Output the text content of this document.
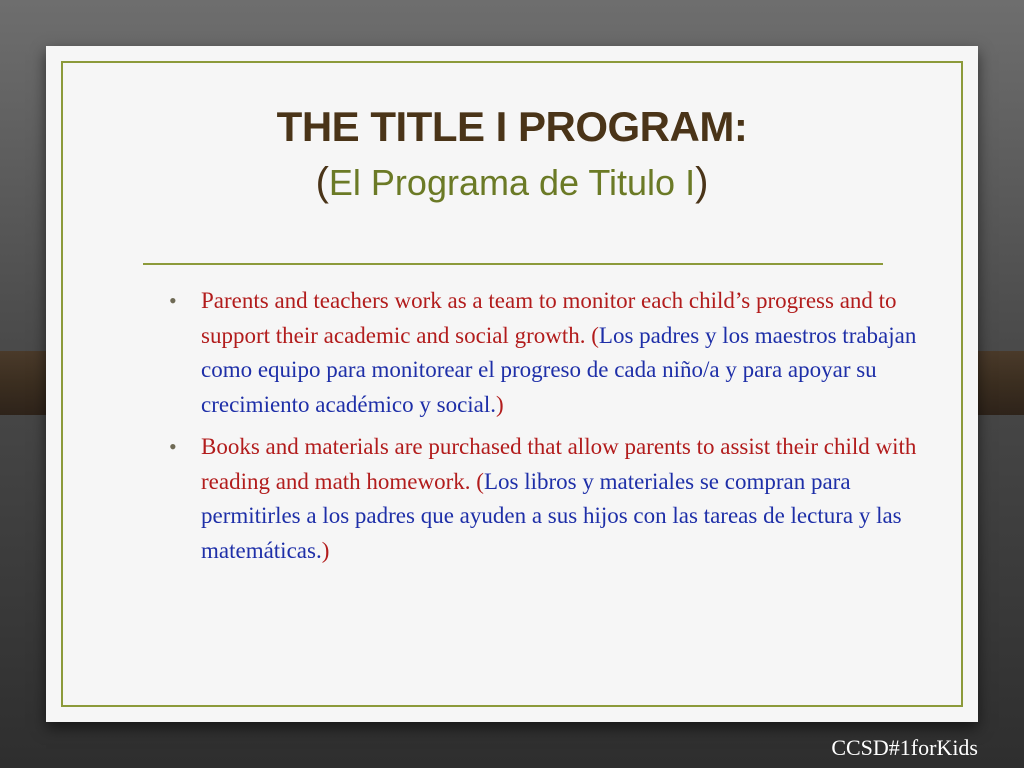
THE TITLE I PROGRAM:
(El Programa de Titulo I)
• Parents and teachers work as a team to monitor each child’s progress and to support their academic and social growth. (Los padres y los maestros trabajan como equipo para monitorear el progreso de cada niño/a y para apoyar su crecimiento académico y social.)
• Books and materials are purchased that allow parents to assist their child with reading and math homework. (Los libros y materiales se compran para permitirles a los padres que ayuden a sus hijos con las tareas de lectura y las matemáticas.)
CCSD#1forKids
